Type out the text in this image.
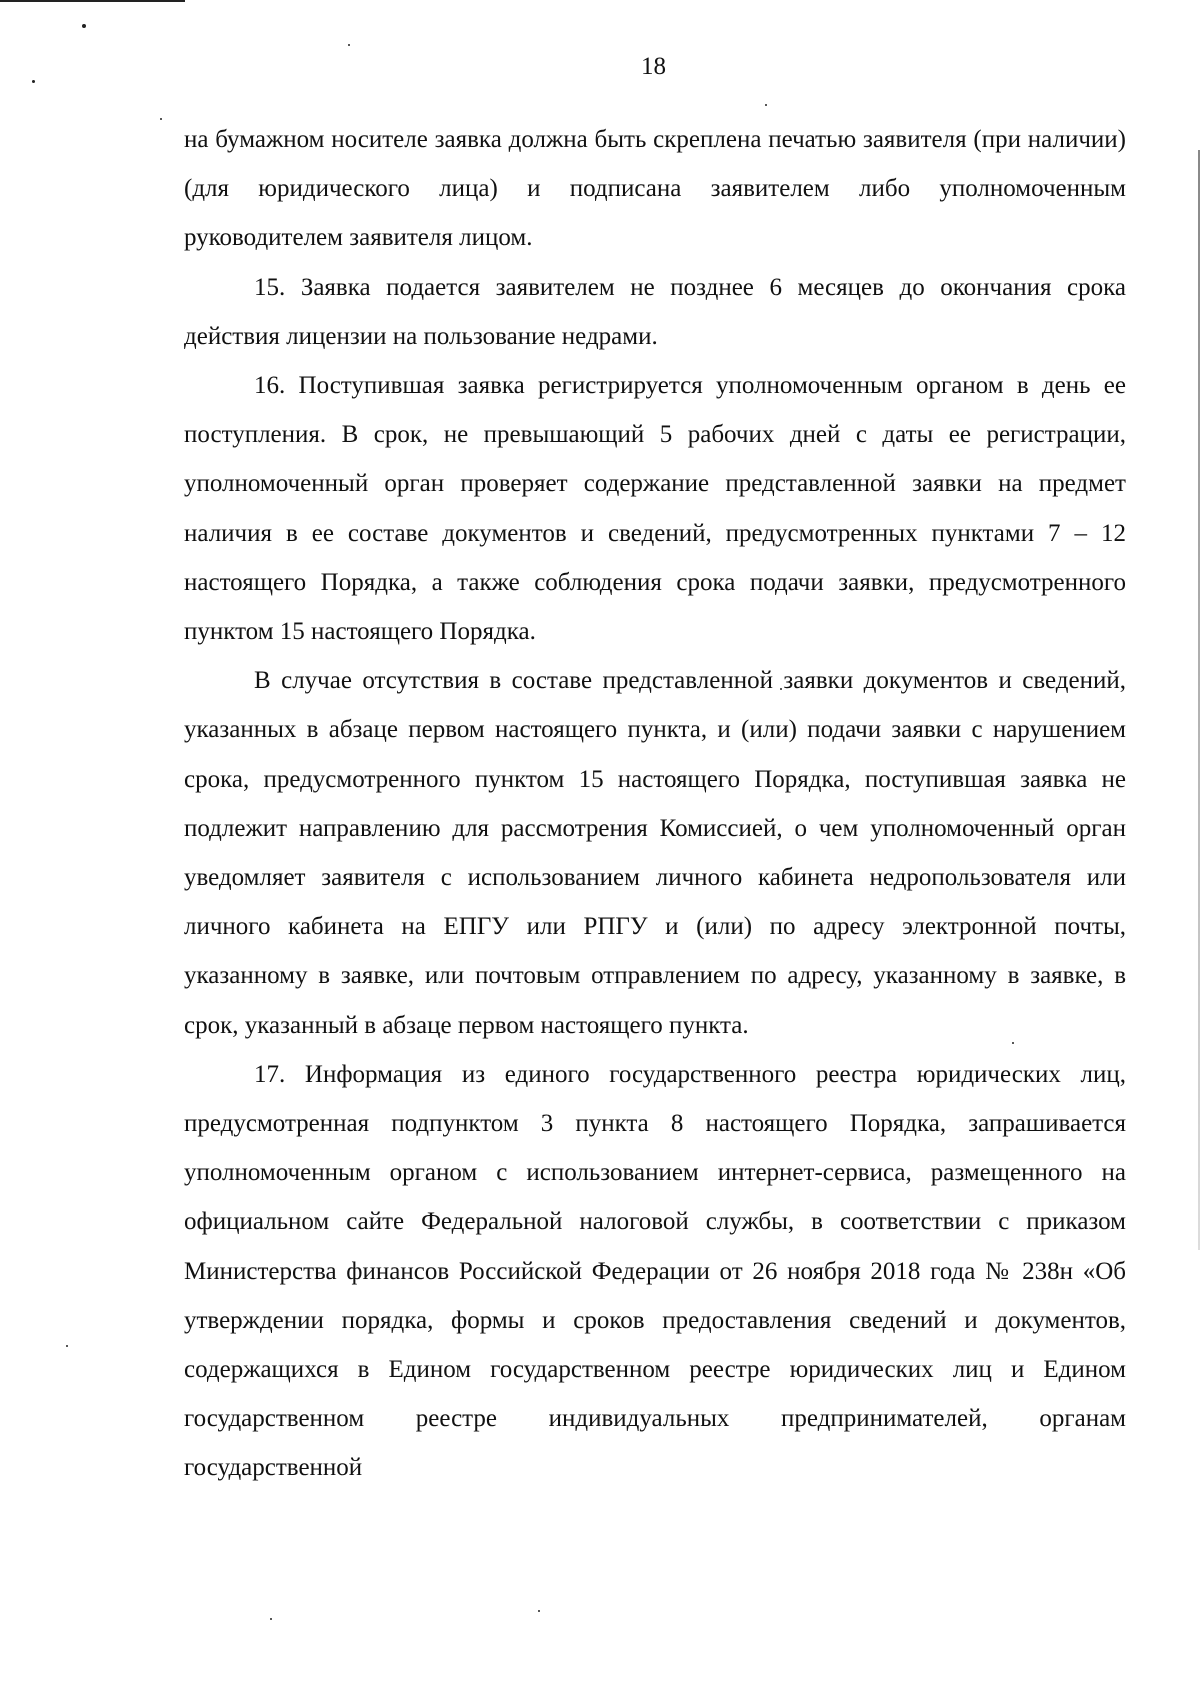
18

на бумажном носителе заявка должна быть скреплена печатью заявителя (при наличии) (для юридического лица) и подписана заявителем либо уполномоченным руководителем заявителя лицом.

15. Заявка подается заявителем не позднее 6 месяцев до окончания срока действия лицензии на пользование недрами.

16. Поступившая заявка регистрируется уполномоченным органом в день ее поступления. В срок, не превышающий 5 рабочих дней с даты ее регистрации, уполномоченный орган проверяет содержание представленной заявки на предмет наличия в ее составе документов и сведений, предусмотренных пунктами 7 – 12 настоящего Порядка, а также соблюдения срока подачи заявки, предусмотренного пунктом 15 настоящего Порядка.

В случае отсутствия в составе представленной заявки документов и сведений, указанных в абзаце первом настоящего пункта, и (или) подачи заявки с нарушением срока, предусмотренного пунктом 15 настоящего Порядка, поступившая заявка не подлежит направлению для рассмотрения Комиссией, о чем уполномоченный орган уведомляет заявителя с использованием личного кабинета недропользователя или личного кабинета на ЕПГУ или РПГУ и (или) по адресу электронной почты, указанному в заявке, или почтовым отправлением по адресу, указанному в заявке, в срок, указанный в абзаце первом настоящего пункта.

17. Информация из единого государственного реестра юридических лиц, предусмотренная подпунктом 3 пункта 8 настоящего Порядка, запрашивается уполномоченным органом с использованием интернет-сервиса, размещенного на официальном сайте Федеральной налоговой службы, в соответствии с приказом Министерства финансов Российской Федерации от 26 ноября 2018 года № 238н «Об утверждении порядка, формы и сроков предоставления сведений и документов, содержащихся в Едином государственном реестре юридических лиц и Едином государственном реестре индивидуальных предпринимателей, органам государственной
